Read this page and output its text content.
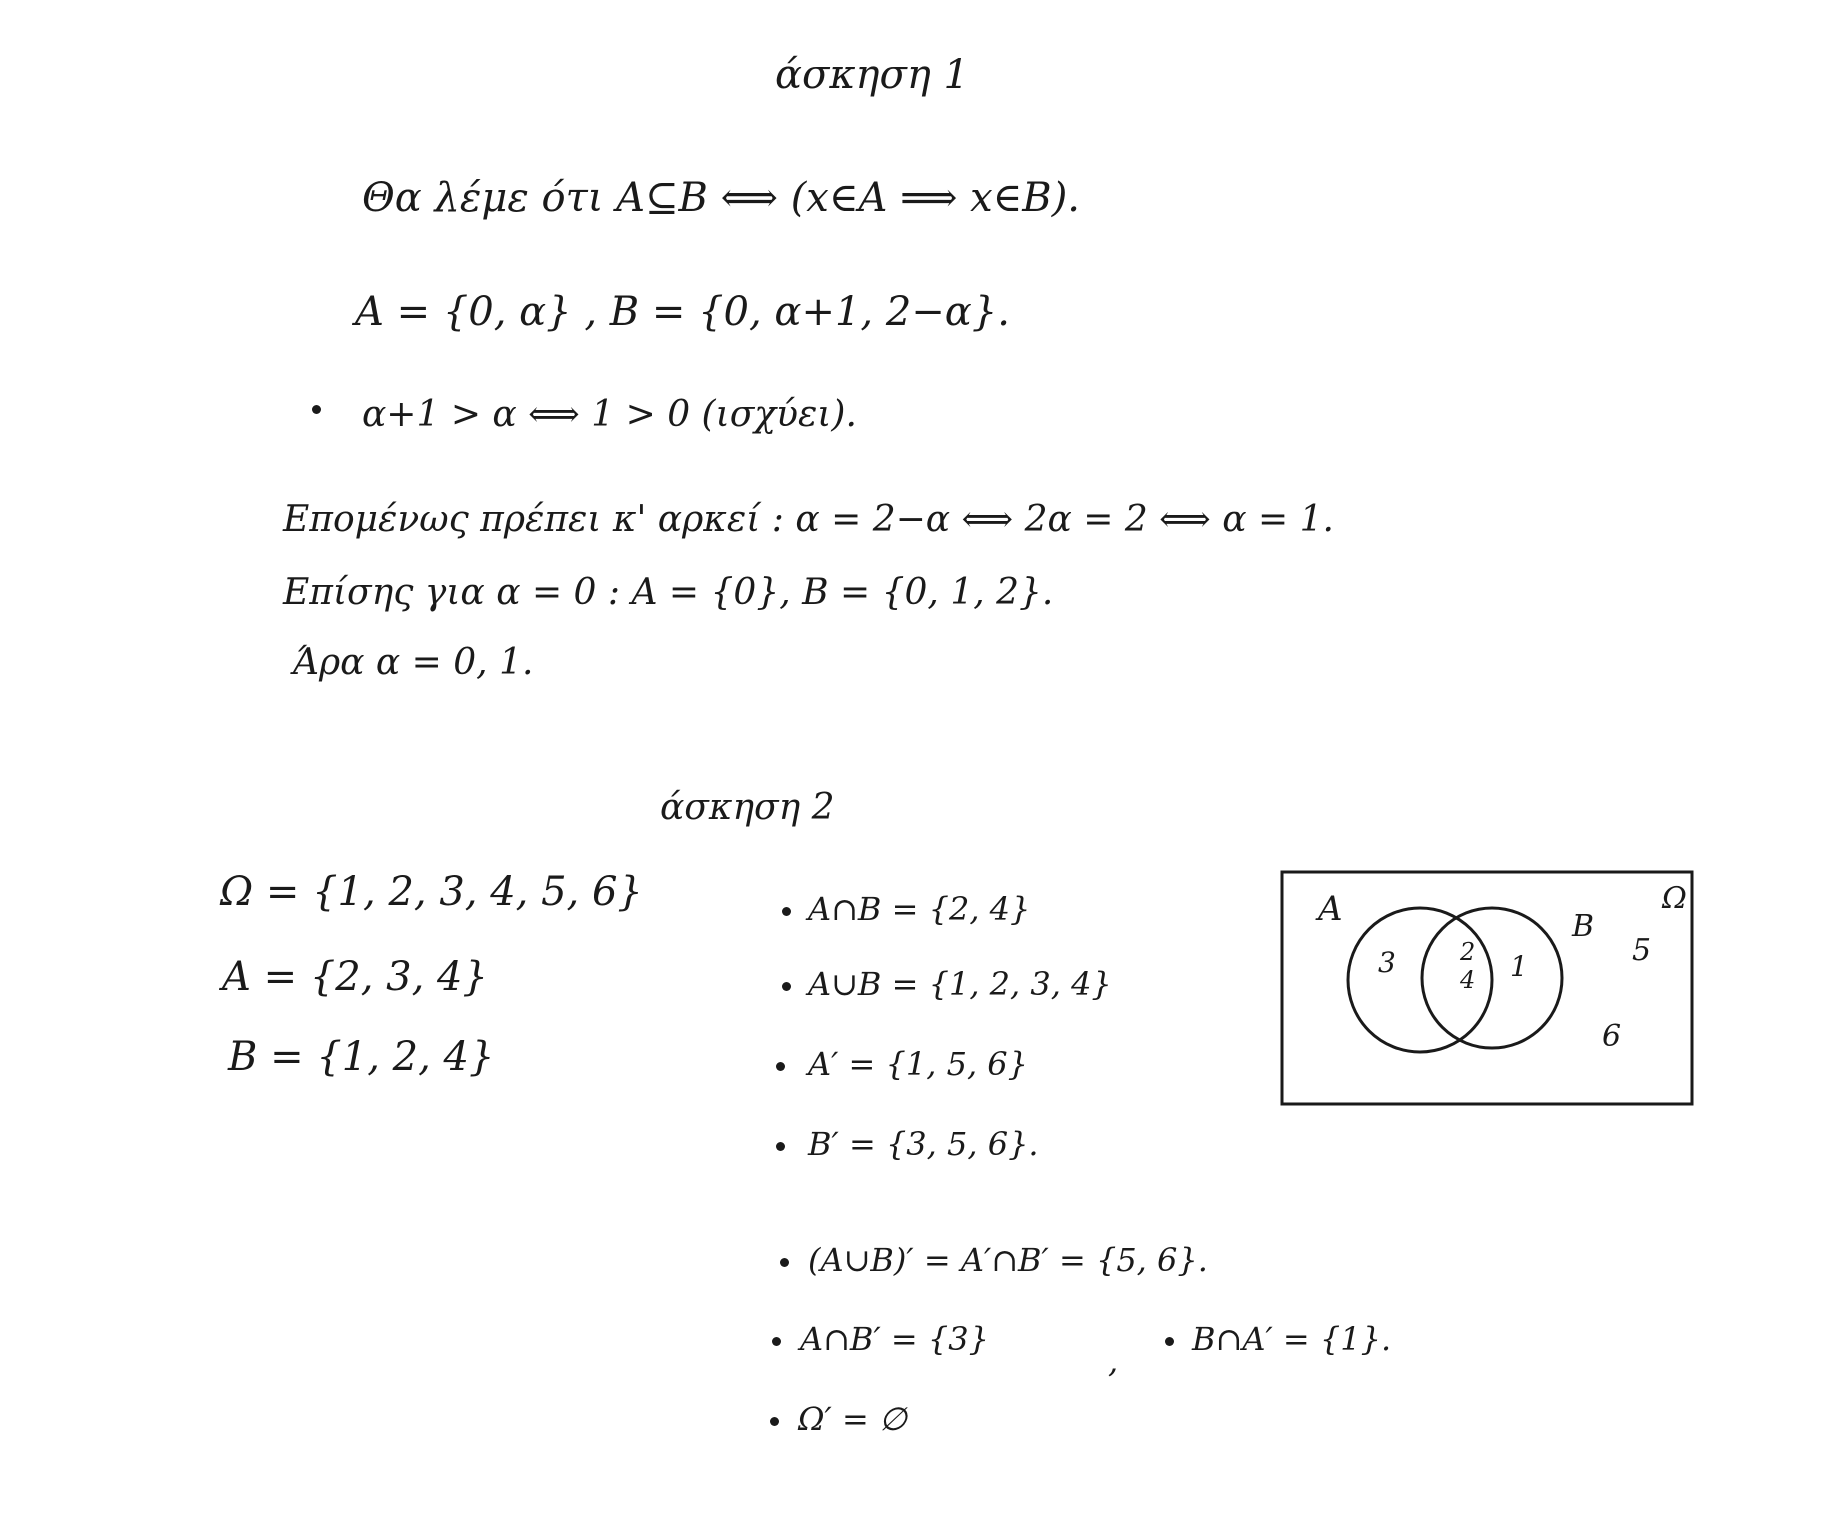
άσκηση 1
Θα λέμε ότι A⊆B ⟺ (x∈A ⟹ x∈B).
A = {0, α} , B = {0, α+1, 2−α}.
α+1 > α ⟺ 1 > 0 (ισχύει).
Επομένως πρέπει κ' αρκεί : α = 2−α ⟺ 2α = 2 ⟺ α = 1.
Επίσης για α = 0 : A = {0}, B = {0, 1, 2}.
Άρα α = 0, 1.
άσκηση 2
Ω = {1, 2, 3, 4, 5, 6}
A = {2, 3, 4}
B = {1, 2, 4}
A∩B = {2, 4}
A∪B = {1, 2, 3, 4}
A′ = {1, 5, 6}
B′ = {3, 5, 6}.
(A∪B)′ = A′∩B′ = {5, 6}.
A∩B′ = {3}
,
B∩A′ = {1}.
Ω′ = ∅
A	B
Ω
3	2
4 1	5
6
